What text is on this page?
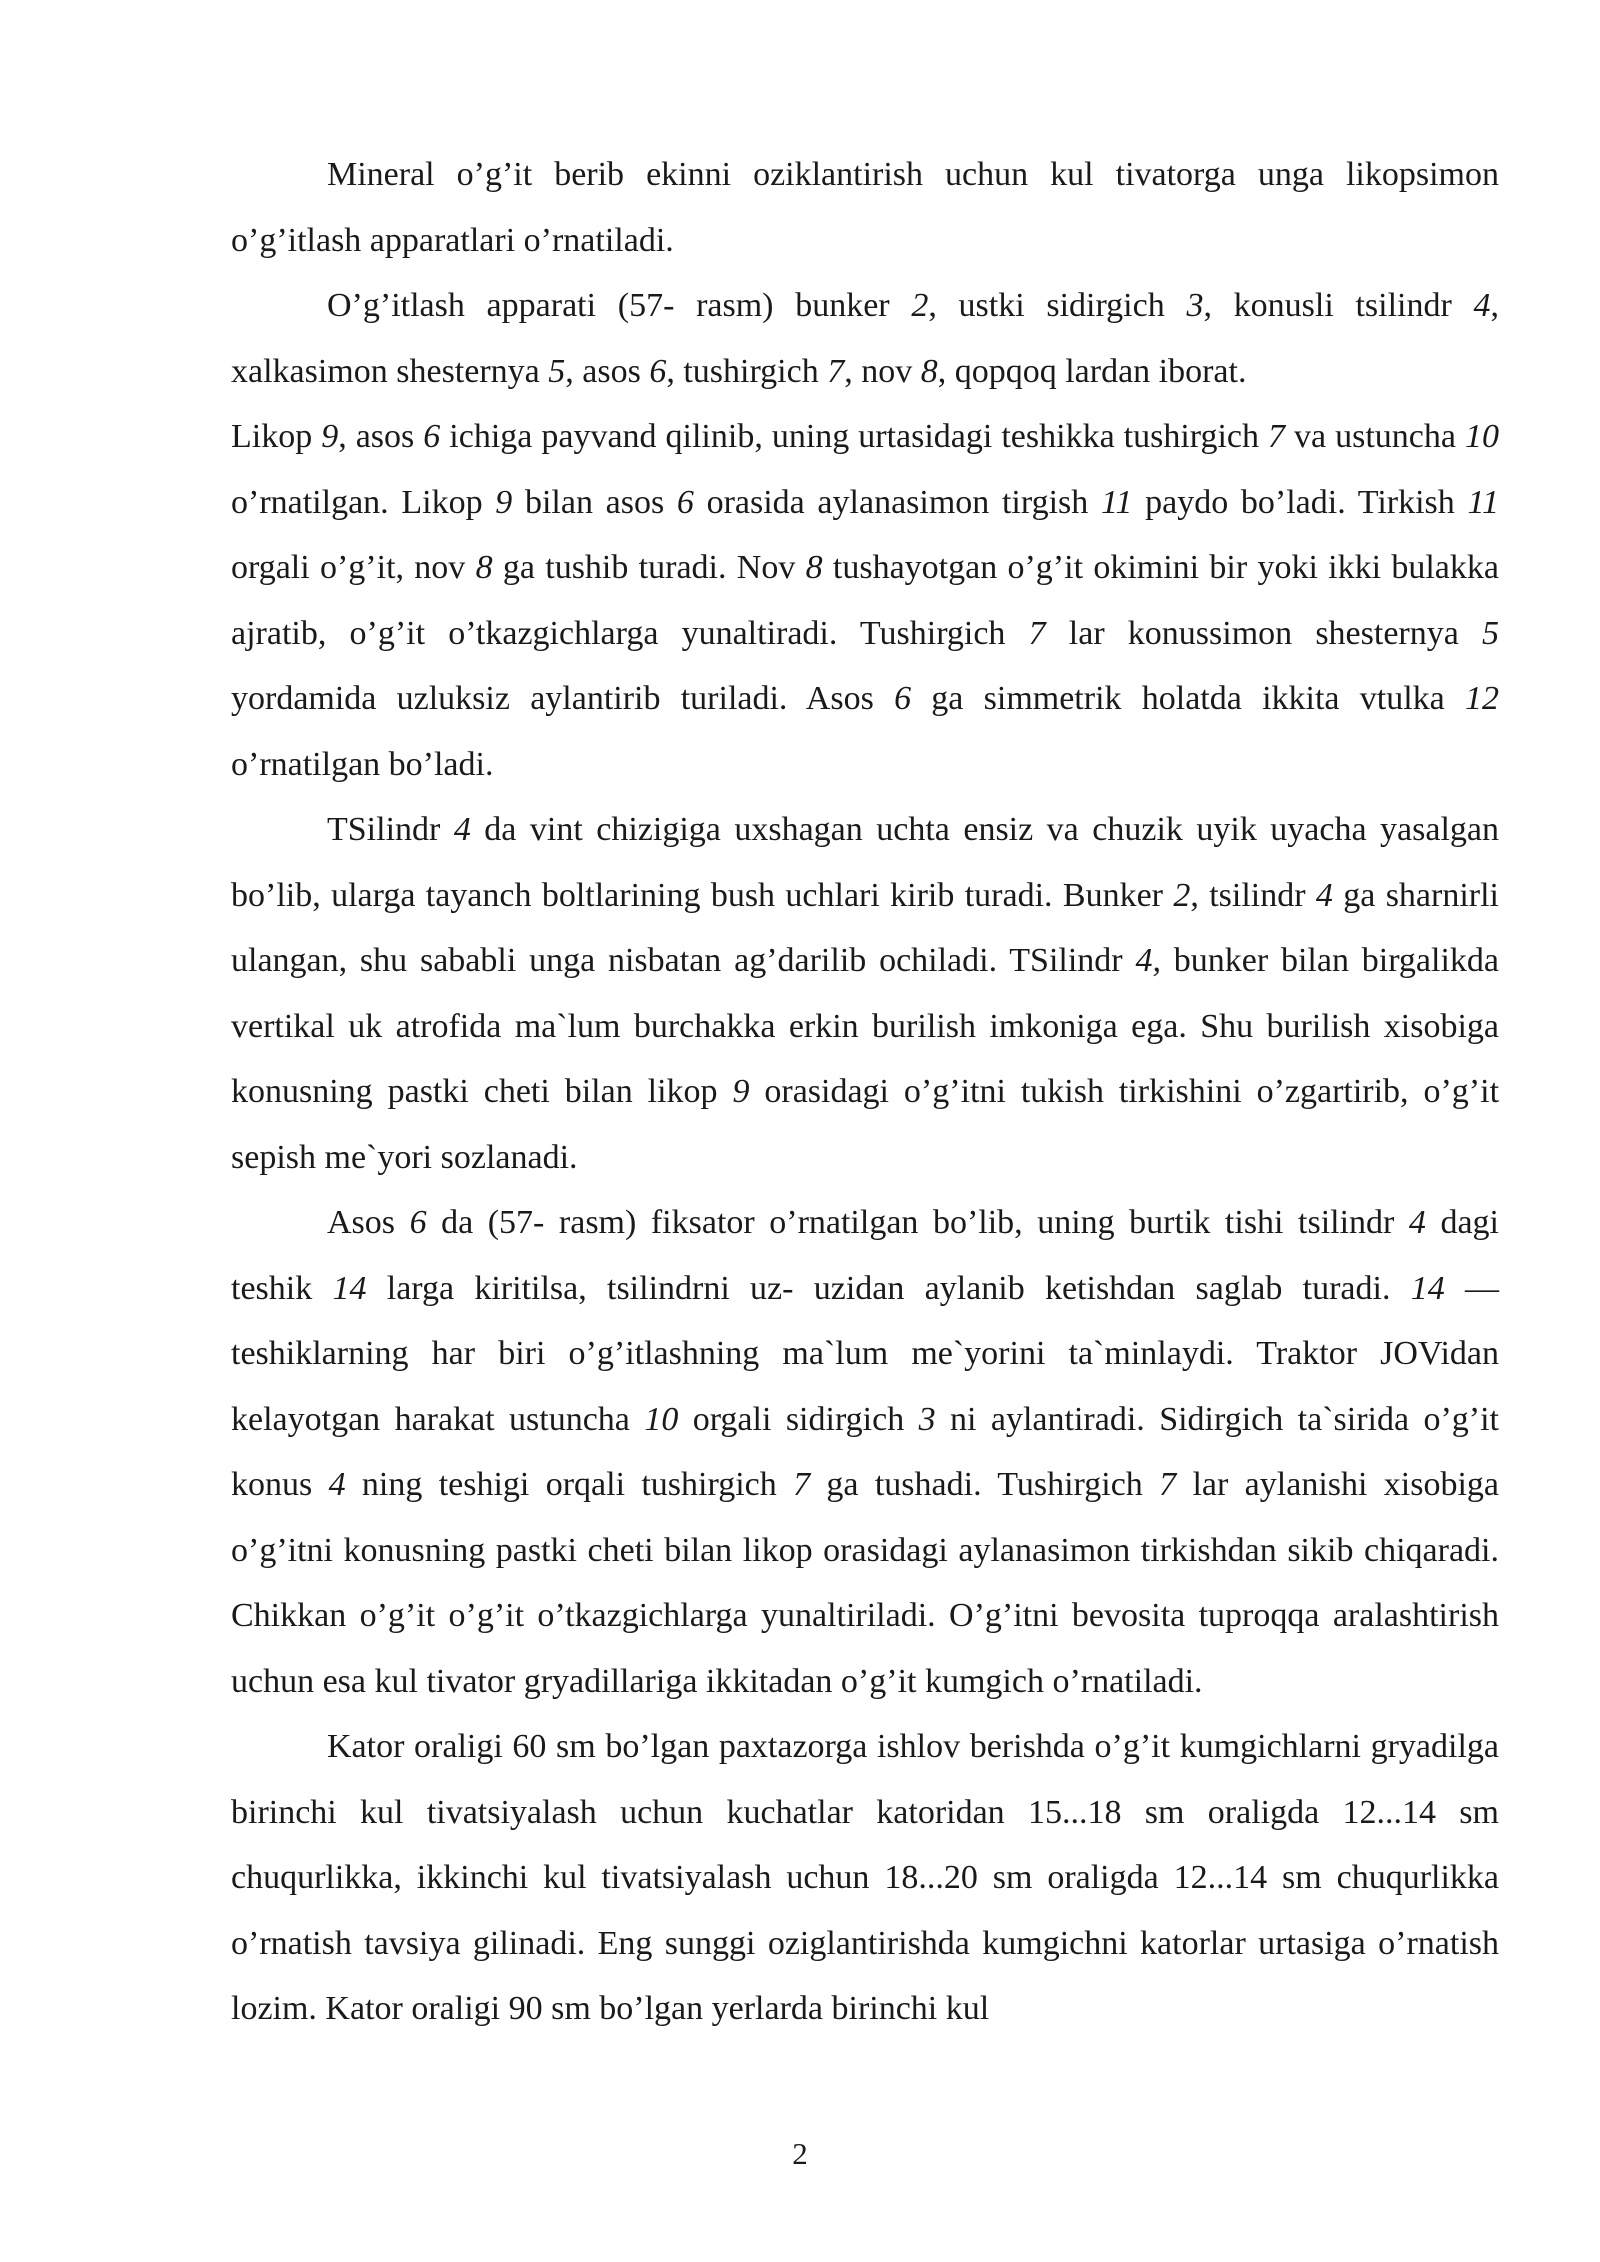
Mineral o’g’it berib ekinni oziklantirish uchun kul tivatorga unga likopsimon o’g’itlash apparatlari o’rnatiladi.

O’g’itlash apparati (57- rasm) bunker 2, ustki sidirgich 3, konusli tsilindr 4, xalkasimon shesternya 5, asos 6, tushirgich 7, nov 8, qopqoq lardan iborat.

Likop 9, asos 6 ichiga payvand qilinib, uning urtasidagi teshikka tushirgich 7 va ustuncha 10 o’rnatilgan. Likop 9 bilan asos 6 orasida aylanasimon tirgish 11 paydo bo’ladi. Tirkish 11 orgali o’g’it, nov 8 ga tushib turadi. Nov 8 tushayotgan o’g’it okimini bir yoki ikki bulakka ajratib, o’g’it o’tkazgichlarga yunaltiradi. Tushirgich 7 lar konussimon shesternya 5 yordamida uzluksiz aylantirib turiladi. Asos 6 ga simmetrik holatda ikkita vtulka 12 o’rnatilgan bo’ladi.

TSilindr 4 da vint chizigiga uxshagan uchta ensiz va chuzik uyik uyacha yasalgan bo’lib, ularga tayanch boltlarining bush uchlari kirib turadi. Bunker 2, tsilindr 4 ga sharnirli ulangan, shu sababli unga nisbatan ag’darilib ochiladi. TSilindr 4, bunker bilan birgalikda vertikal uk atrofida ma`lum burchakka erkin burilish imkoniga ega. Shu burilish xisobiga konusning pastki cheti bilan likop 9 orasidagi o’g’itni tukish tirkishini o’zgartirib, o’g’it sepish me`yori sozlanadi.

Asos 6 da (57- rasm) fiksator o’rnatilgan bo’lib, uning burtik tishi tsilindr 4 dagi teshik 14 larga kiritilsa, tsilindrni uz- uzidan aylanib ketishdan saglab turadi. 14 — teshiklarning har biri o’g’itlashning ma`lum me`yorini ta`minlaydi. Traktor JOVidan kelayotgan harakat ustuncha 10 orgali sidirgich 3 ni aylantiradi. Sidirgich ta`sirida o’g’it konus 4 ning teshigi orqali tushirgich 7 ga tushadi. Tushirgich 7 lar aylanishi xisobiga o’g’itni konusning pastki cheti bilan likop orasidagi aylanasimon tirkishdan sikib chiqaradi. Chikkan o’g’it o’g’it o’tkazgichlarga yunaltiriladi. O’g’itni bevosita tuproqqa aralashtirish uchun esa kul tivator gryadillariga ikkitadan o’g’it kumgich o’rnatiladi.

Kator oraligi 60 sm bo’lgan paxtazorga ishlov berishda o’g’it kumgichlarni gryadilga birinchi kul tivatsiyalash uchun kuchatlar katoridan 15...18 sm oraligda 12...14 sm chuqurlikka, ikkinchi kul tivatsiyalash uchun 18...20 sm oraligda 12...14 sm chuqurlikka o’rnatish tavsiya gilinadi. Eng sunggi oziglantirishda kumgichni katorlar urtasiga o’rnatish lozim. Kator oraligi 90 sm bo’lgan yerlarda birinchi kul

2
